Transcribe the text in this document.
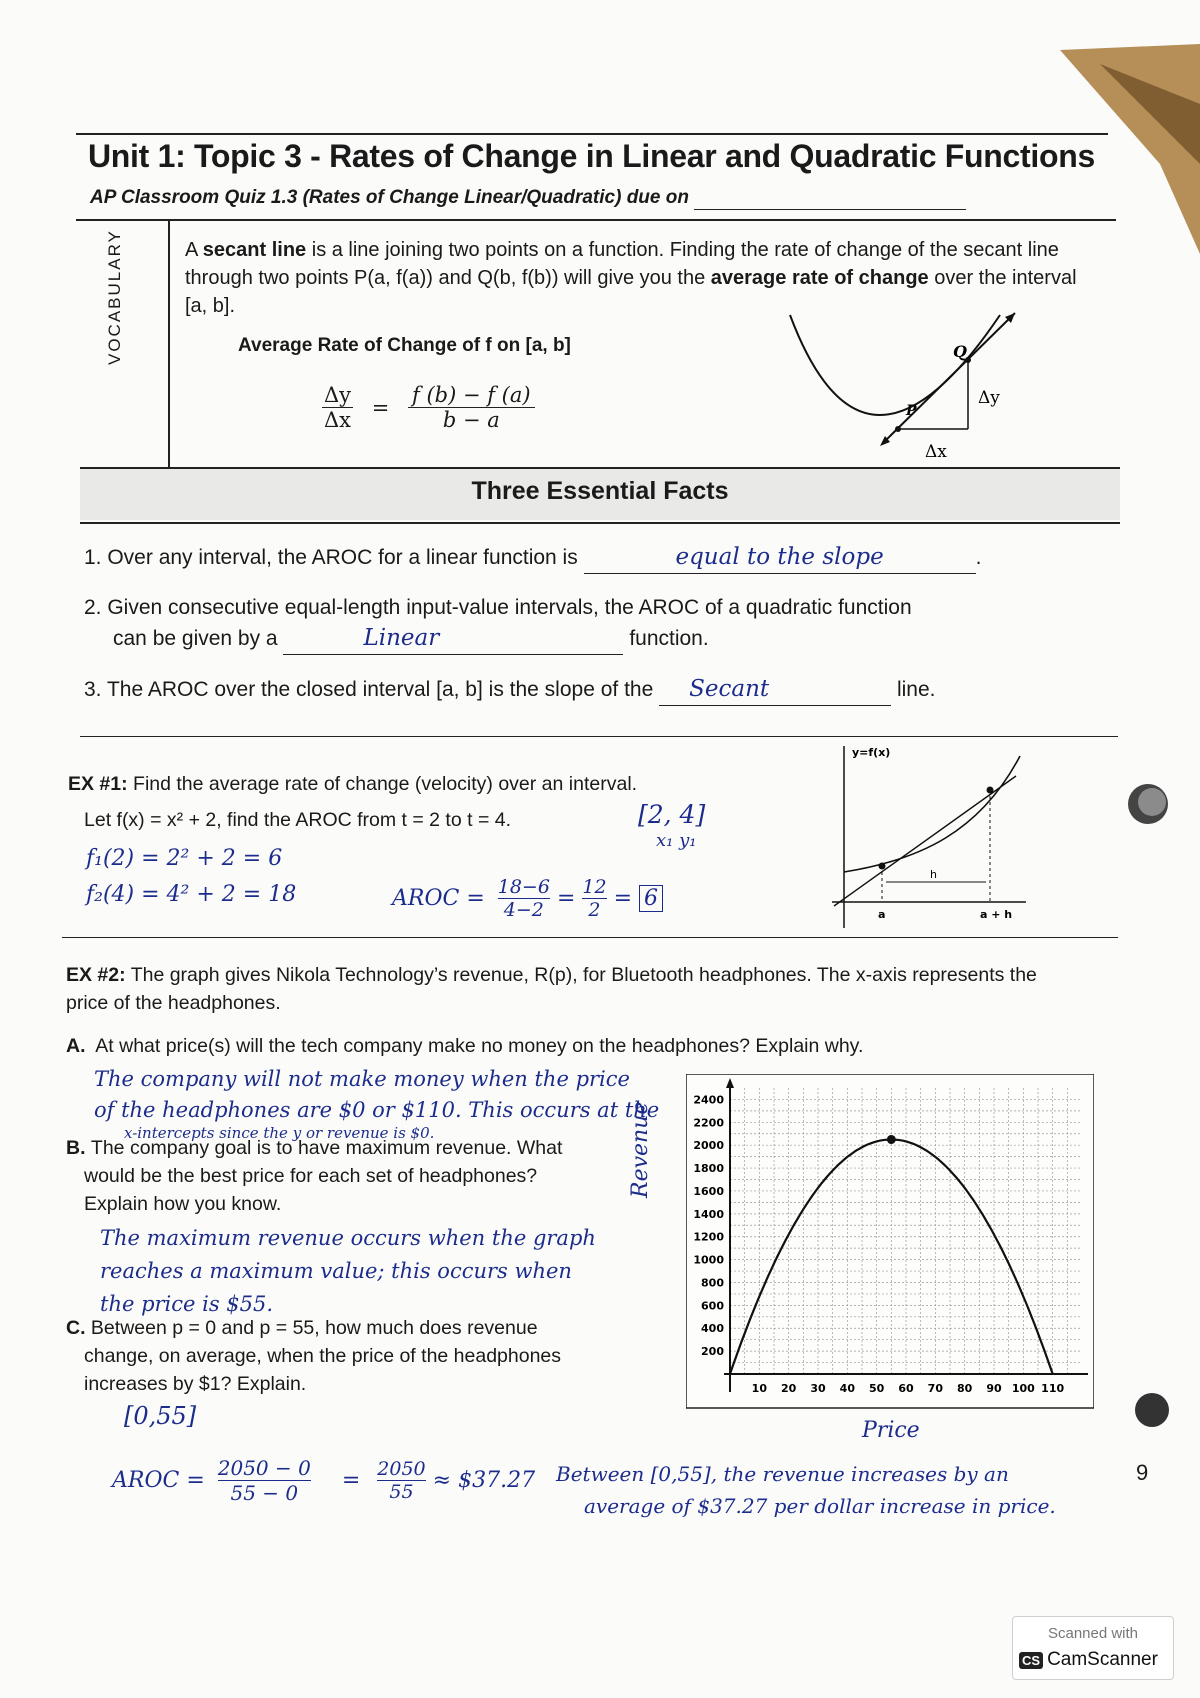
Unit 1: Topic 3 - Rates of Change in Linear and Quadratic Functions
AP Classroom Quiz 1.3 (Rates of Change Linear/Quadratic) due on
VOCABULARY	A secant line is a line joining two points on a function. Finding the rate of change of the secant line through two points P(a, f(a)) and Q(b, f(b)) will give you the average rate of change over the interval [a, b].
Average Rate of Change of f on [a, b]
$\frac{\Delta y}{\Delta x} = \frac{f (b) - f (a)}{b - a}$
Q
P
Δy
Δx
Three Essential Facts
1. Over any interval, the AROC for a linear function is	equal to the slope	.
2. Given consecutive equal-length input-value intervals, the AROC of a quadratic function
can be given by a	Linear	function.
3. The AROC over the closed interval [a, b] is the slope of the Secant	line.
EX #1: Find the average rate of change (velocity) over an interval.
Let f(x) = x² + 2, find the AROC from t = 2 to t = 4.	[2, 4]
x₁ y₁
f₁(2) = 2² + 2 = 6
f₂(4) = 4² + 2 = 18	AROC = $\frac{18-6}{4-2} = \frac{12}{2} = 6$
y=f(x)
h
a	a + h
EX #2: The graph gives Nikola Technology’s revenue, R(p), for Bluetooth headphones. The x-axis represents the price of the headphones.
A. At what price(s) will the tech company make no money on the headphones? Explain why.
The company will not make money when the price
of the headphones are $0 or $110. This occurs at the
x-intercepts since the y or revenue is $0.
B. The company goal is to have maximum revenue. What
would be the best price for each set of headphones?
Explain how you know.
The maximum revenue occurs when the graph
reaches a maximum value; this occurs when
the price is $55.
C. Between p = 0 and p = 55, how much does revenue
change, on average, when the price of the headphones
increases by $1? Explain.
[0,55]
AROC = $\frac{2050 - 0}{55 - 0} = \frac{2050}{55}$ ≈ $37.27 Between [0,55], the revenue increases by an
average of $37.27 per dollar increase in price.
9
200
400
600
800
1000
1200
1400
1600
1800
2000
2200
2400
10 20 30 40 50 60 70 80 90 100 110
Revenue
Price
Scanned with
CS CamScanner
